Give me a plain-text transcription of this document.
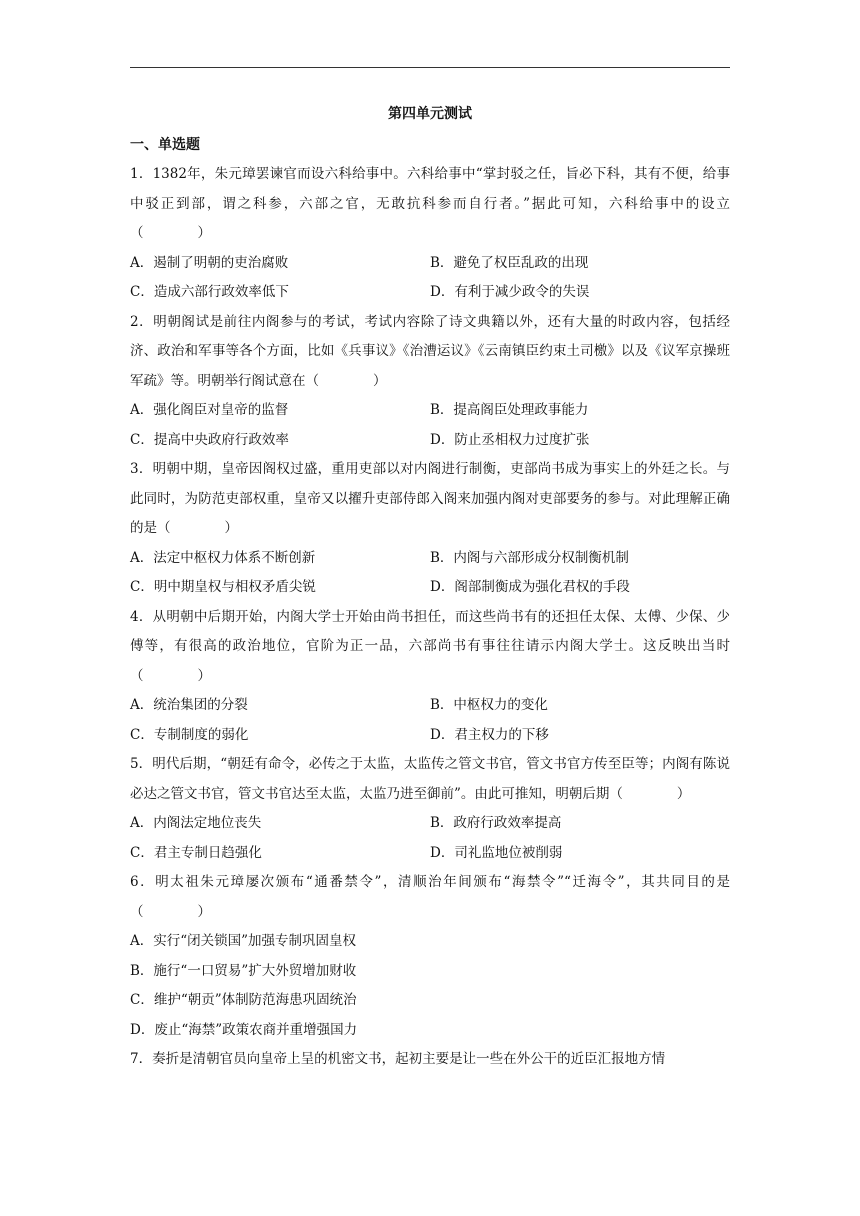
第四单元测试
一、单选题
1．1382年，朱元璋罢谏官而设六科给事中。六科给事中“掌封驳之任，旨必下科，其有不便，给事中驳正到部，谓之科参，六部之官，无敢抗科参而自行者。”据此可知，六科给事中的设立（　　　　）
A．遏制了明朝的吏治腐败	B．避免了权臣乱政的出现
C．造成六部行政效率低下	D．有利于减少政令的失误
2．明朝阁试是前往内阁参与的考试，考试内容除了诗文典籍以外，还有大量的时政内容，包括经济、政治和军事等各个方面，比如《兵事议》《治漕运议》《云南镇臣约束土司檄》以及《议军京操班军疏》等。明朝举行阁试意在（　　　　）
A．强化阁臣对皇帝的监督	B．提高阁臣处理政事能力
C．提高中央政府行政效率	D．防止丞相权力过度扩张
3．明朝中期，皇帝因阁权过盛，重用吏部以对内阁进行制衡，吏部尚书成为事实上的外廷之长。与此同时，为防范吏部权重，皇帝又以擢升吏部侍郎入阁来加强内阁对吏部要务的参与。对此理解正确的是（　　　　）
A．法定中枢权力体系不断创新	B．内阁与六部形成分权制衡机制
C．明中期皇权与相权矛盾尖锐	D．阁部制衡成为强化君权的手段
4．从明朝中后期开始，内阁大学士开始由尚书担任，而这些尚书有的还担任太保、太傅、少保、少傅等，有很高的政治地位，官阶为正一品，六部尚书有事往往请示内阁大学士。这反映出当时（　　　　）
A．统治集团的分裂	B．中枢权力的变化
C．专制制度的弱化	D．君主权力的下移
5．明代后期，“朝廷有命令，必传之于太监，太监传之管文书官，管文书官方传至臣等；内阁有陈说必达之管文书官，管文书官达至太监，太监乃进至御前”。由此可推知，明朝后期（　　　　）
A．内阁法定地位丧失	B．政府行政效率提高
C．君主专制日趋强化	D．司礼监地位被削弱
6．明太祖朱元璋屡次颁布“通番禁令”，清顺治年间颁布“海禁令”“迁海令”，其共同目的是（　　　　）
A．实行“闭关锁国”加强专制巩固皇权
B．施行“一口贸易”扩大外贸增加财收
C．维护“朝贡”体制防范海患巩固统治
D．废止“海禁”政策农商并重增强国力
7．奏折是清朝官员向皇帝上呈的机密文书，起初主要是让一些在外公干的近臣汇报地方情
